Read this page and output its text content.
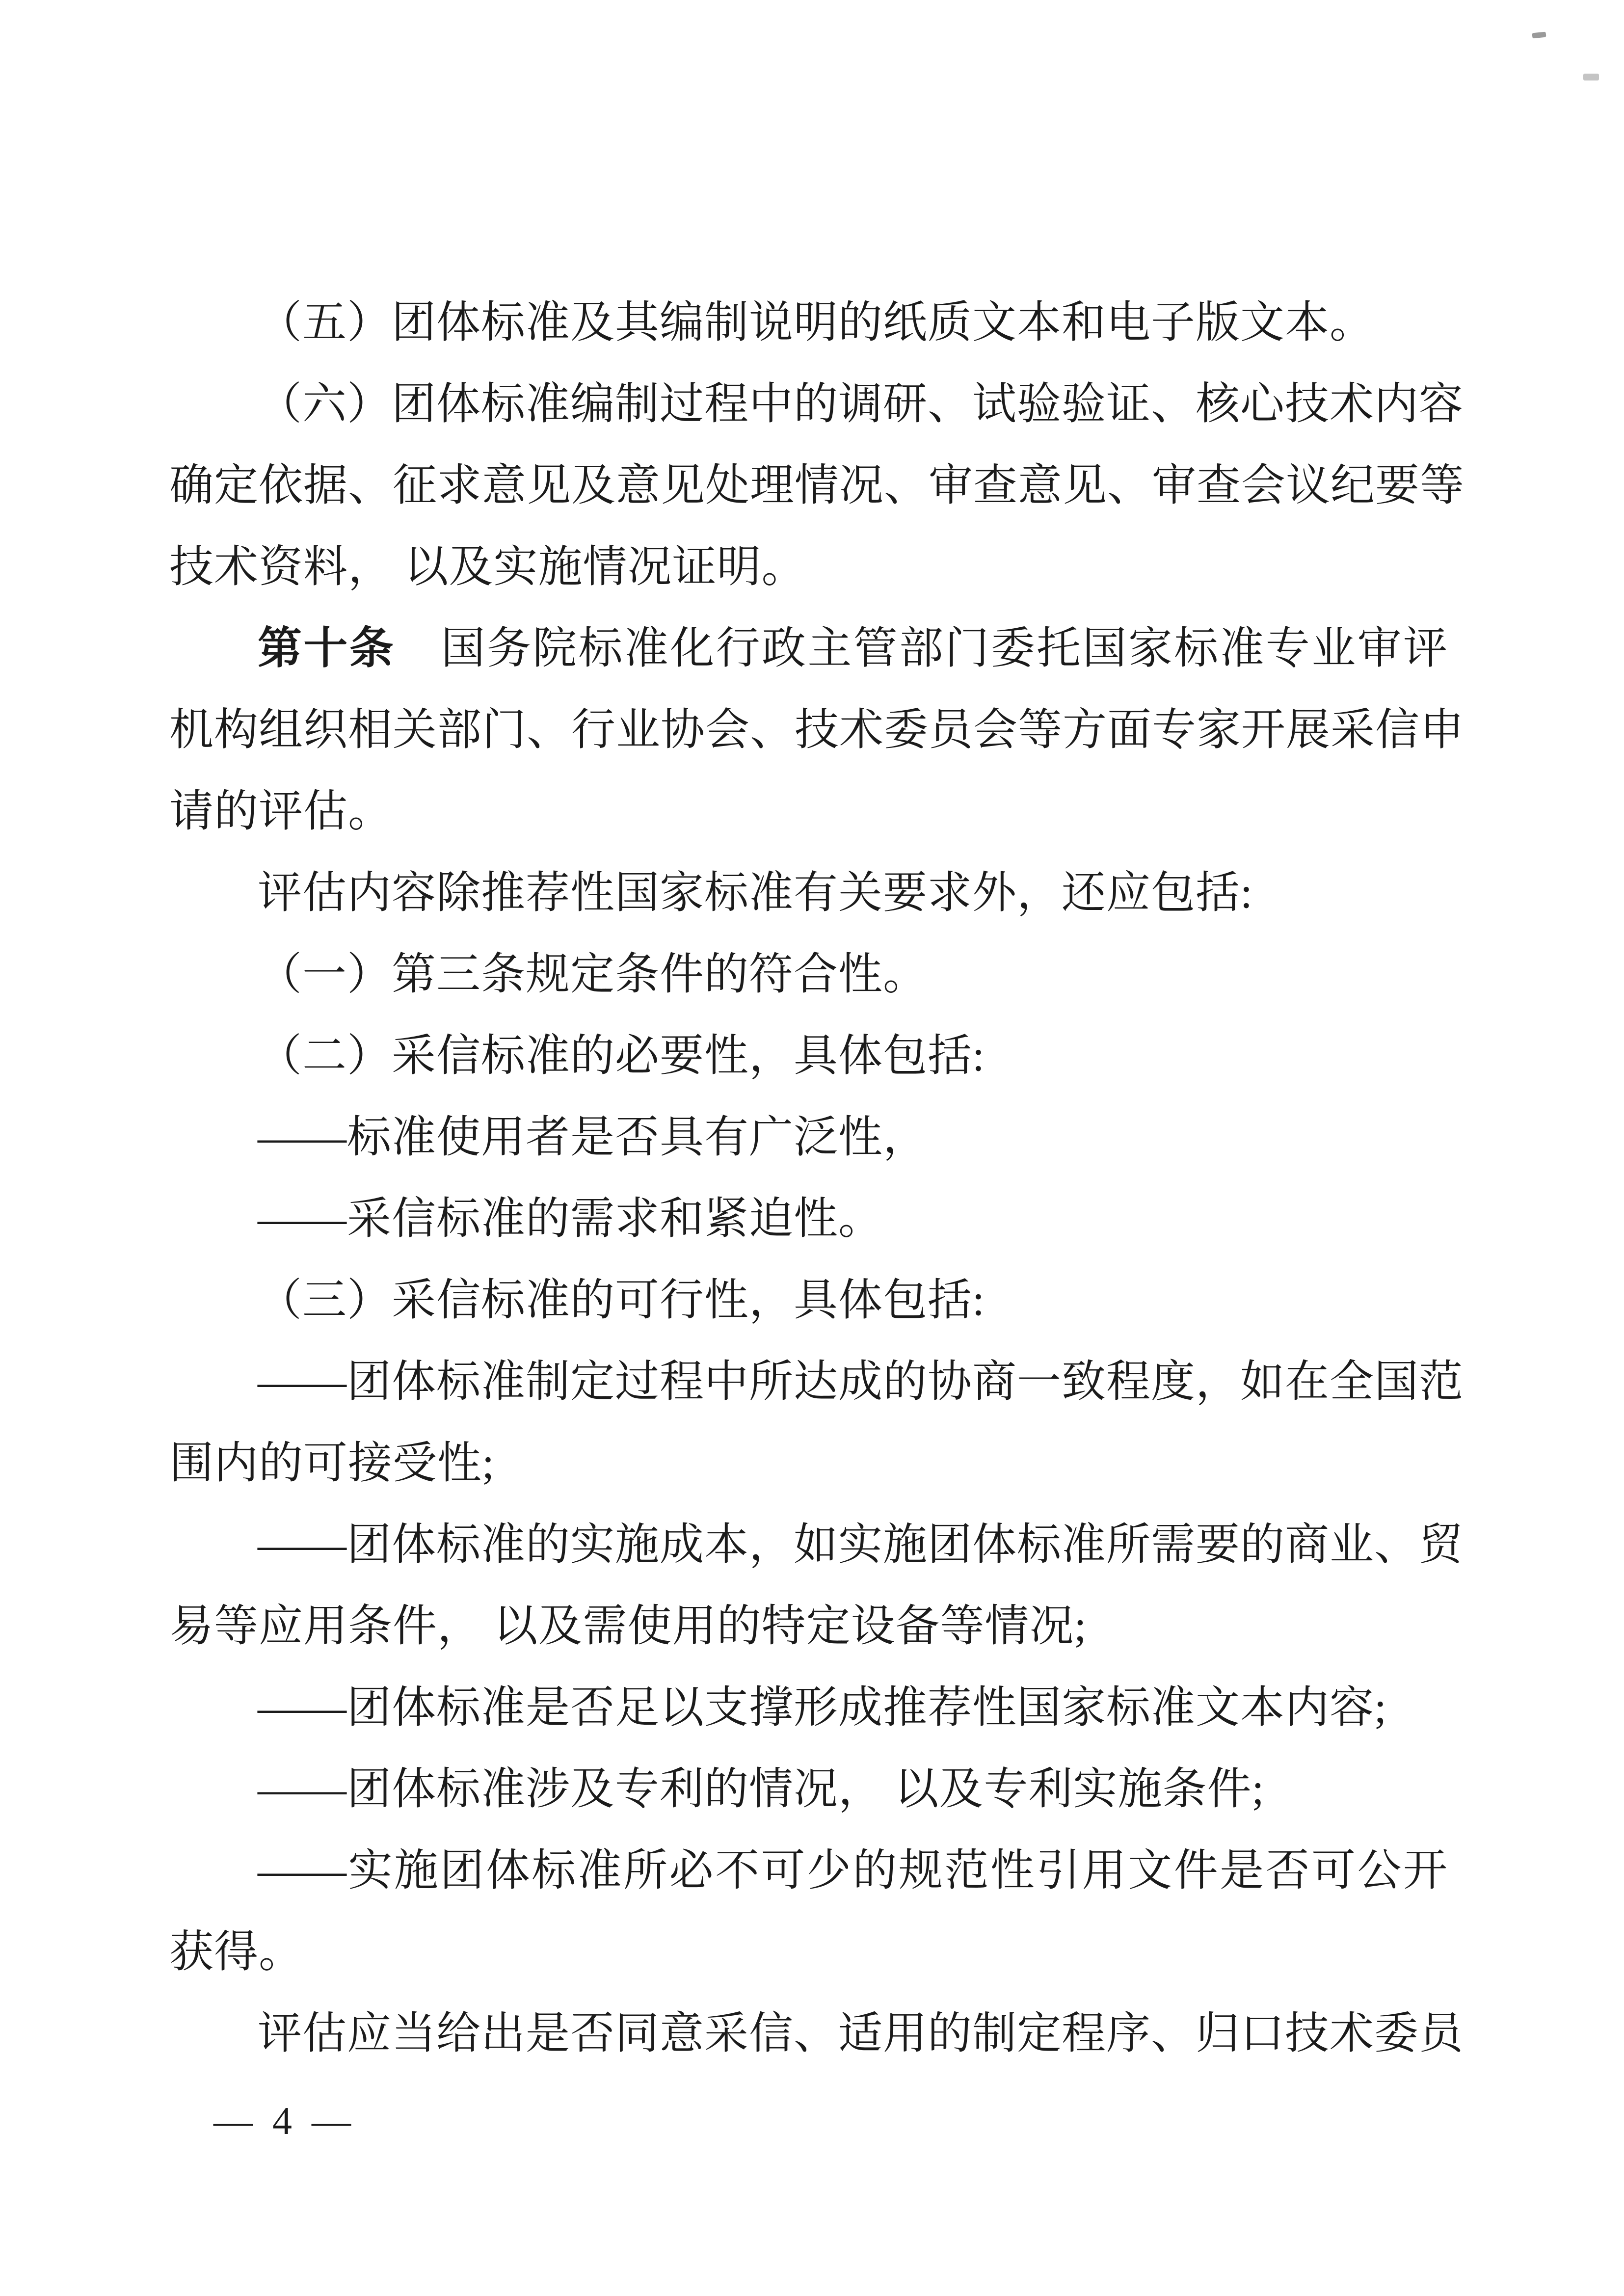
（五）团体标准及其编制说明的纸质文本和电子版文本。
（六）团体标准编制过程中的调研、试验验证、核心技术内容
确定依据、征求意见及意见处理情况、审查意见、审查会议纪要等
技术资料， 以及实施情况证明。
第十条　国务院标准化行政主管部门委托国家标准专业审评
机构组织相关部门、行业协会、技术委员会等方面专家开展采信申
请的评估。
评估内容除推荐性国家标准有关要求外，还应包括:
（一）第三条规定条件的符合性。
（二）采信标准的必要性，具体包括:
——标准使用者是否具有广泛性，
——采信标准的需求和紧迫性。
（三）采信标准的可行性，具体包括:
——团体标准制定过程中所达成的协商一致程度，如在全国范
围内的可接受性;
——团体标准的实施成本，如实施团体标准所需要的商业、贸
易等应用条件， 以及需使用的特定设备等情况;
——团体标准是否足以支撑形成推荐性国家标准文本内容;
——团体标准涉及专利的情况， 以及专利实施条件;
——实施团体标准所必不可少的规范性引用文件是否可公开
获得。
评估应当给出是否同意采信、适用的制定程序、归口技术委员
— 4 —
